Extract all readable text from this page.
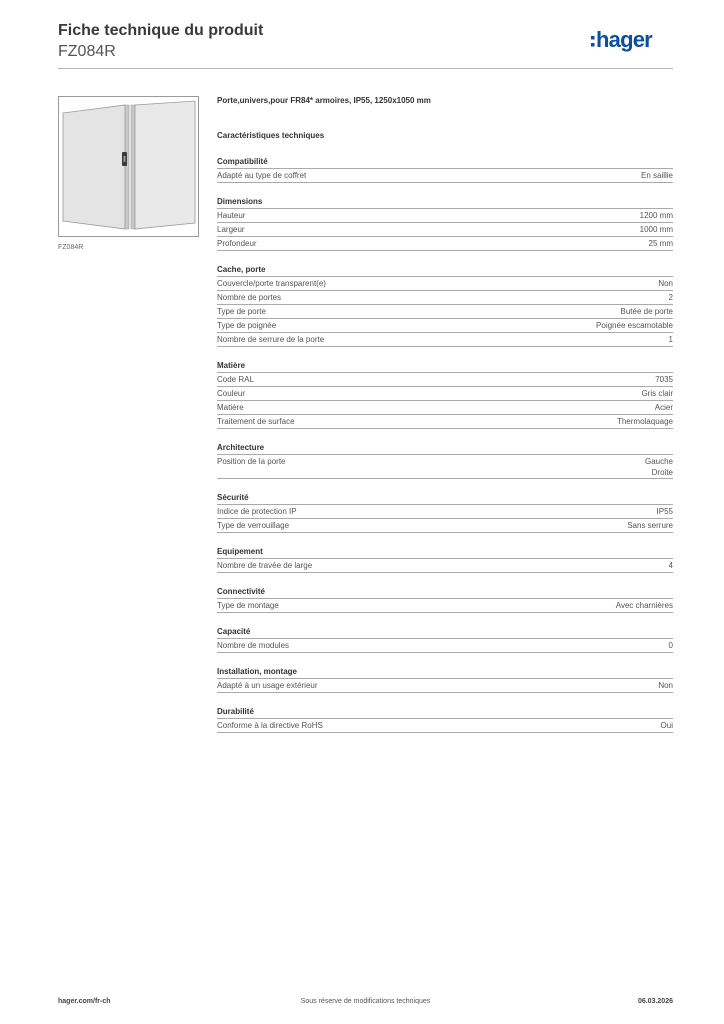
Fiche technique du produit
FZ084R	hager
FZ084R
Porte,univers,pour FR84* armoires, IP55, 1250x1050 mm
Caractéristiques techniques
Compatibilité
Adapté au type de coffret	En saillie
Dimensions
Hauteur	1200 mm
Largeur	1000 mm
Profondeur	25 mm
Cache, porte
Couvercle/porte transparent(e)	Non
Nombre de portes	2
Type de porte	Butée de porte
Type de poignée	Poignée escamotable
Nombre de serrure de la porte	1
Matière
Code RAL	7035
Couleur	Gris clair
Matière	Acier
Traitement de surface	Thermolaquage
Architecture
Position de la porte	Gauche
Droite
Sécurité
Indice de protection IP	IP55
Type de verrouillage	Sans serrure
Equipement
Nombre de travée de large	4
Connectivité
Type de montage	Avec charnières
Capacité
Nombre de modules	0
Installation, montage
Adapté à un usage extérieur	Non
Durabilité
Conforme à la directive RoHS	Oui
hager.com/fr-ch	Sous réserve de modifications techniques	06.03.2026
